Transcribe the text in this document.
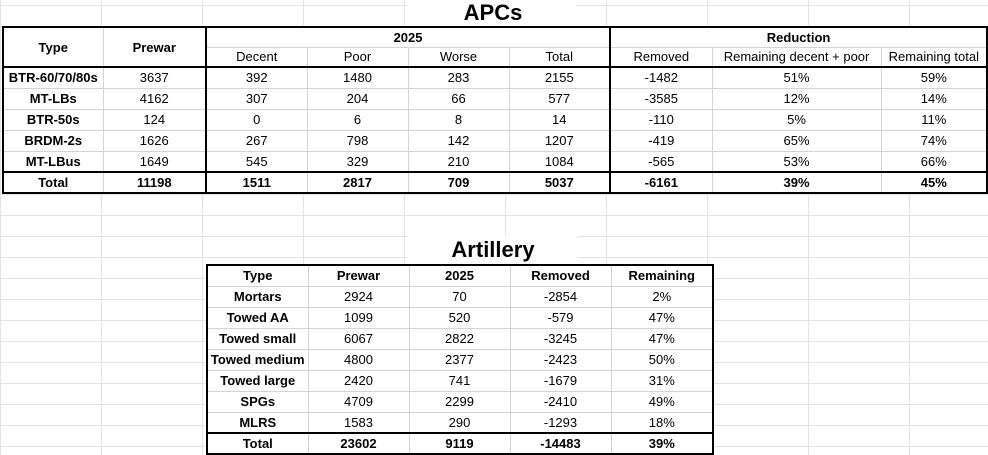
APCs
Type	Prewar	2025				Reduction		
		Decent	Poor	Worse	Total	Removed	Remaining decent + poor	Remaining total
BTR-60/70/80s	3637	392	1480	283	2155	-1482	51%	59%
MT-LBs	4162	307	204	66	577	-3585	12%	14%
BTR-50s	124	0	6	8	14	-110	5%	11%
BRDM-2s	1626	267	798	142	1207	-419	65%	74%
MT-LBus	1649	545	329	210	1084	-565	53%	66%
Total	11198	1511	2817	709	5037	-6161	39%	45%
Artillery
Type	Prewar	2025	Removed	Remaining
Mortars	2924	70	-2854	2%
Towed AA	1099	520	-579	47%
Towed small	6067	2822	-3245	47%
Towed medium	4800	2377	-2423	50%
Towed large	2420	741	-1679	31%
SPGs	4709	2299	-2410	49%
MLRS	1583	290	-1293	18%
Total	23602	9119	-14483	39%
